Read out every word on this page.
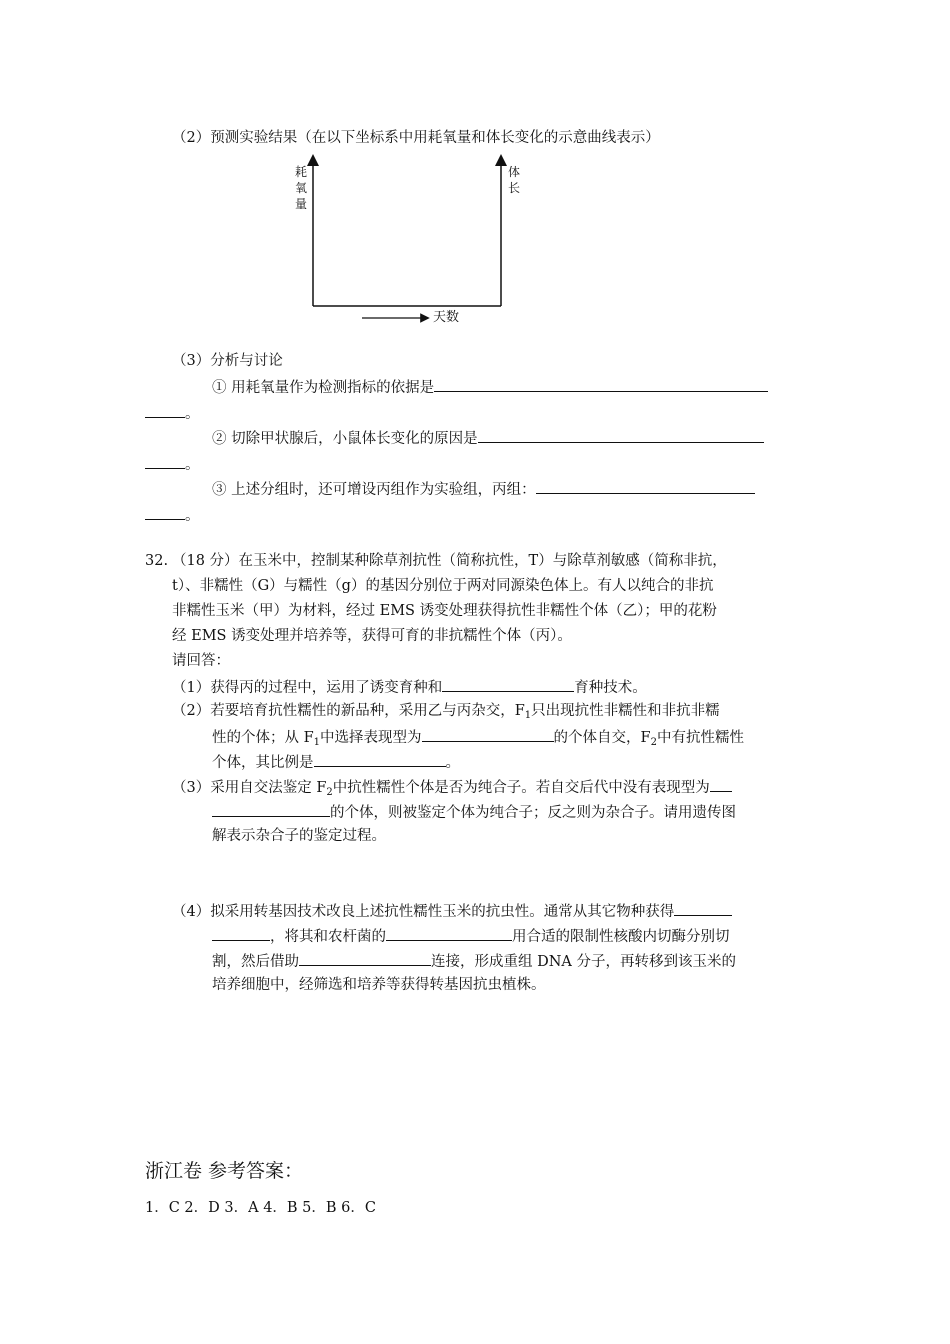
（2）预测实验结果（在以下坐标系中用耗氧量和体长变化的示意曲线表示）
耗
氧
量
体
长
天数
（3）分析与讨论
① 用耗氧量作为检测指标的依据是
。
② 切除甲状腺后，小鼠体长变化的原因是
。
③ 上述分组时，还可增设丙组作为实验组，丙组：
。
32. （18 分）在玉米中，控制某种除草剂抗性（简称抗性，T）与除草剂敏感（简称非抗，
t）、非糯性（G）与糯性（g）的基因分别位于两对同源染色体上。有人以纯合的非抗
非糯性玉米（甲）为材料，经过 EMS 诱变处理获得抗性非糯性个体（乙）；甲的花粉
经 EMS 诱变处理并培养等，获得可育的非抗糯性个体（丙）。
请回答：
（1）获得丙的过程中，运用了诱变育种和	育种技术。
（2）若要培育抗性糯性的新品种，采用乙与丙杂交，$F_1$只出现抗性非糯性和非抗非糯
性的个体；从 $F_1$中选择表现型为	的个体自交，$F_2$中有抗性糯性
个体，其比例是	。
（3）采用自交法鉴定 $F_2$中抗性糯性个体是否为纯合子。若自交后代中没有表现型为
的个体，则被鉴定个体为纯合子；反之则为杂合子。请用遗传图
解表示杂合子的鉴定过程。
（4）拟采用转基因技术改良上述抗性糯性玉米的抗虫性。通常从其它物种获得
，将其和农杆菌的	用合适的限制性核酸内切酶分别切
割，然后借助	连接，形成重组 DNA 分子，再转移到该玉米的
培养细胞中，经筛选和培养等获得转基因抗虫植株。
浙江卷 参考答案：
1．C 2．D 3．A 4．B 5．B 6．C
